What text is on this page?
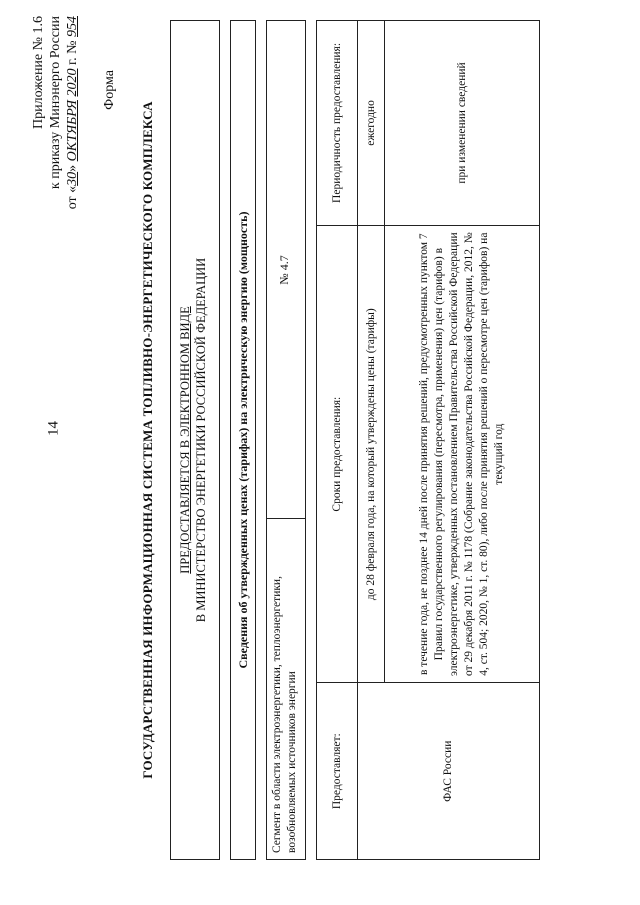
14
Приложение № 1.6 к приказу Минэнерго России
от «30» ОКТЯБРЯ 2020 г. № 954
Форма
ГОСУДАРСТВЕННАЯ ИНФОРМАЦИОННАЯ СИСТЕМА ТОПЛИВНО-ЭНЕРГЕТИЧЕСКОГО КОМПЛЕКСА ПРЕДОСТАВЛЯЕТСЯ В ЭЛЕКТРОННОМ ВИДЕ В МИНИСТЕРСТВО ЭНЕРГЕТИКИ РОССИЙСКОЙ ФЕДЕРАЦИИ	Сведения об утвержденных ценах (тарифах) на электрическую энергию (мощность)
Сегмент в области электроэнергетики, теплоэнергетики, возобновляемых источников энергии
№ 4.7
Предоставляет:	Сроки предоставления:	Периодичность предоставления:
ФАС России	до 28 февраля года, на который утверждены цены (тарифы)	ежегодно
	в течение года, не позднее 14 дней после принятия решений, предусмотренных пунктом 7 Правил государственного регулирования (пересмотра, применения) цен (тарифов) в электроэнергетике, утвержденных постановлением Правительства Российской Федерации от 29 декабря 2011 г. № 1178 (Собрание законодательства Российской Федерации, 2012, № 4, ст. 504; 2020, № 1, ст. 80), либо после принятия решений о пересмотре цен (тарифов) на текущий год	при изменении сведений
